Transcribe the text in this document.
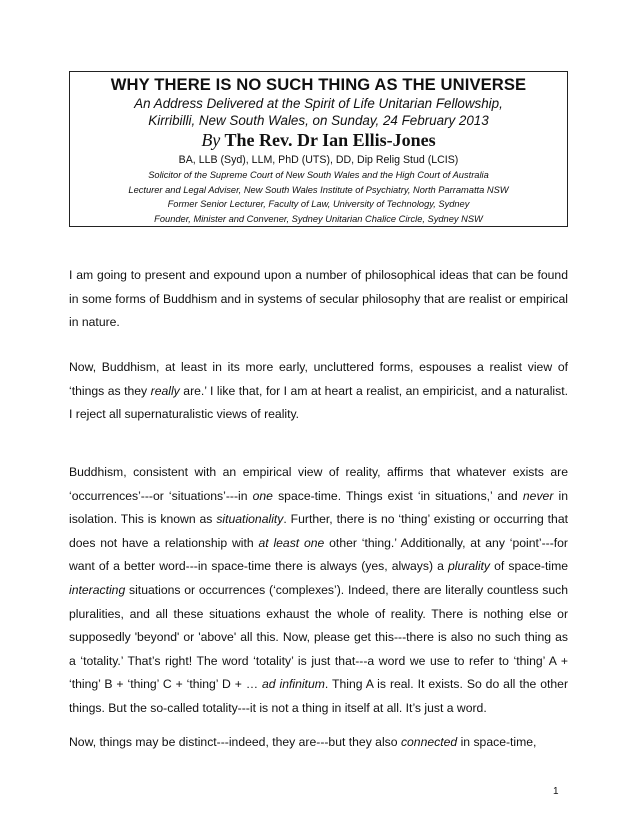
WHY THERE IS NO SUCH THING AS THE UNIVERSE

An Address Delivered at the Spirit of Life Unitarian Fellowship,

Kirribilli, New South Wales, on Sunday, 24 February 2013

By The Rev. Dr Ian Ellis-Jones

BA, LLB (Syd), LLM, PhD (UTS), DD, Dip Relig Stud (LCIS)

Solicitor of the Supreme Court of New South Wales and the High Court of Australia

Lecturer and Legal Adviser, New South Wales Institute of Psychiatry, North Parramatta NSW

Former Senior Lecturer, Faculty of Law, University of Technology, Sydney

Founder, Minister and Convener, Sydney Unitarian Chalice Circle, Sydney NSW

I am going to present and expound upon a number of philosophical ideas that can be found in some forms of Buddhism and in systems of secular philosophy that are realist or empirical in nature.

Now, Buddhism, at least in its more early, uncluttered forms, espouses a realist view of ‘things as they really are.’ I like that, for I am at heart a realist, an empiricist, and a naturalist. I reject all supernaturalistic views of reality.

Buddhism, consistent with an empirical view of reality, affirms that whatever exists are ‘occurrences’---or ‘situations’---in one space-time. Things exist ‘in situations,’ and never in isolation. This is known as situationality. Further, there is no ‘thing’ existing or occurring that does not have a relationship with at least one other ‘thing.’ Additionally, at any ‘point’---for want of a better word---in space-time there is always (yes, always) a plurality of space-time interacting situations or occurrences (‘complexes’). Indeed, there are literally countless such pluralities, and all these situations exhaust the whole of reality. There is nothing else or supposedly 'beyond' or 'above' all this. Now, please get this---there is also no such thing as a ‘totality.’ That’s right! The word ‘totality’ is just that---a word we use to refer to ‘thing’ A + ‘thing’ B + ‘thing’ C + ‘thing’ D + … ad infinitum. Thing A is real. It exists. So do all the other things. But the so-called totality---it is not a thing in itself at all. It’s just a word.

Now, things may be distinct---indeed, they are---but they also connected in space-time,

1
